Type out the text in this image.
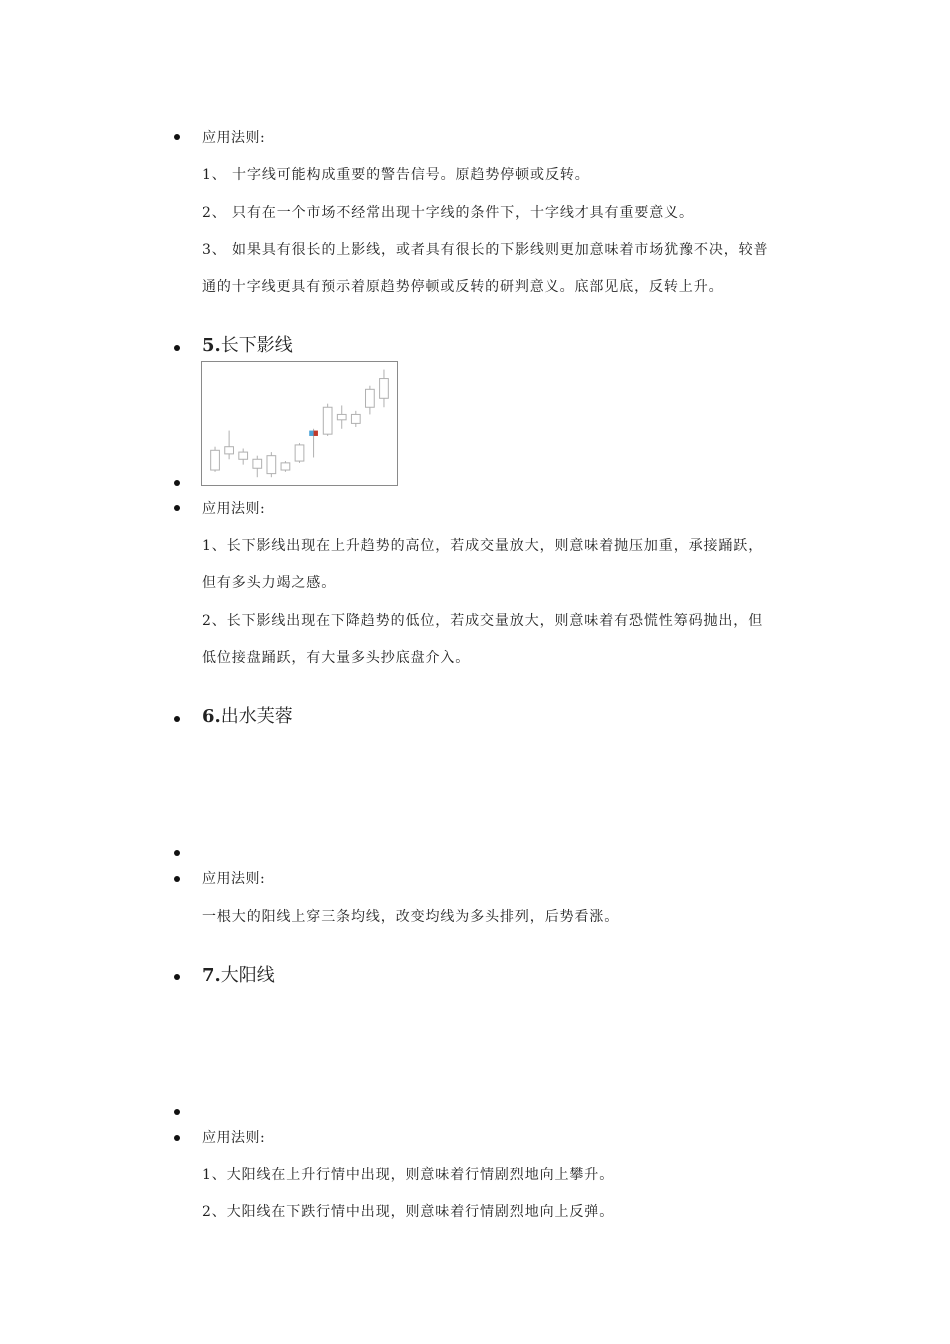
应用法则:
1、 十字线可能构成重要的警告信号。原趋势停顿或反转。
2、 只有在一个市场不经常出现十字线的条件下，十字线才具有重要意义。
3、 如果具有很长的上影线，或者具有很长的下影线则更加意味着市场犹豫不决，较普
通的十字线更具有预示着原趋势停顿或反转的研判意义。底部见底，反转上升。
5.长下影线
应用法则:
1、长下影线出现在上升趋势的高位，若成交量放大，则意味着抛压加重，承接踊跃，
但有多头力竭之感。
2、长下影线出现在下降趋势的低位，若成交量放大，则意味着有恐慌性筹码抛出，但
低位接盘踊跃，有大量多头抄底盘介入。
6.出水芙蓉
应用法则:
一根大的阳线上穿三条均线，改变均线为多头排列，后势看涨。
7.大阳线
应用法则:
1、大阳线在上升行情中出现，则意味着行情剧烈地向上攀升。
2、大阳线在下跌行情中出现，则意味着行情剧烈地向上反弹。
